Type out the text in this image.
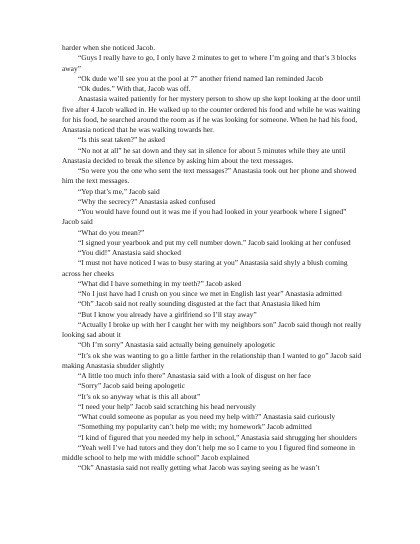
harder when she noticed Jacob.

“Guys I really have to go, I only have 2 minutes to get to where I’m going and that’s 3 blocks away”

“Ok dude we’ll see you at the pool at 7” another friend named Ian reminded Jacob

“Ok dudes.” With that, Jacob was off.

Anastasia waited patiently for her mystery person to show up she kept looking at the door until five after 4 Jacob walked in. He walked up to the counter ordered his food and while he was waiting for his food, he searched around the room as if he was looking for someone. When he had his food, Anastasia noticed that he was walking towards her.

“Is this seat taken?” he asked

“No not at all” he sat down and they sat in silence for about 5 minutes while they ate until Anastasia decided to break the silence by asking him about the text messages.

“So were you the one who sent the text messages?” Anastasia took out her phone and showed him the text messages.

“Yep that’s me,” Jacob said

“Why the secrecy?” Anastasia asked confused

“You would have found out it was me if you had looked in your yearbook where I signed” Jacob said

“What do you mean?”

“I signed your yearbook and put my cell number down.” Jacob said looking at her confused

“You did!” Anastasia said shocked

“I must not have noticed I was to busy staring at you” Anastasia said shyly a blush coming across her cheeks

“What did I have something in my teeth?” Jacob asked

“No I just have had I crush on you since we met in English last year” Anastasia admitted

“Oh” Jacob said not really sounding disgusted at the fact that Anastasia liked him

“But I know you already have a girlfriend so I’ll stay away”

“Actually I broke up with her I caught her with my neighbors son” Jacob said though not really looking sad about it

“Oh I’m sorry” Anastasia said actually being genuinely apologetic

“It’s ok she was wanting to go a little farther in the relationship than I wanted to go” Jacob said making Anastasia shudder slightly

“A little too much info there” Anastasia said with a look of disgust on her face

“Sorry” Jacob said being apologetic

“It’s ok so anyway what is this all about”

“I need your help” Jacob said scratching his head nervously

“What could someone as popular as you need my help with?” Anastasia said curiously

“Something my popularity can’t help me with; my homework” Jacob admitted

“I kind of figured that you needed my help in school,” Anastasia said shrugging her shoulders

“Yeah well I’ve had tutors and they don’t help me so I came to you I figured find someone in middle school to help me with middle school” Jacob explained

“Ok” Anastasia said not really getting what Jacob was saying seeing as he wasn’t
